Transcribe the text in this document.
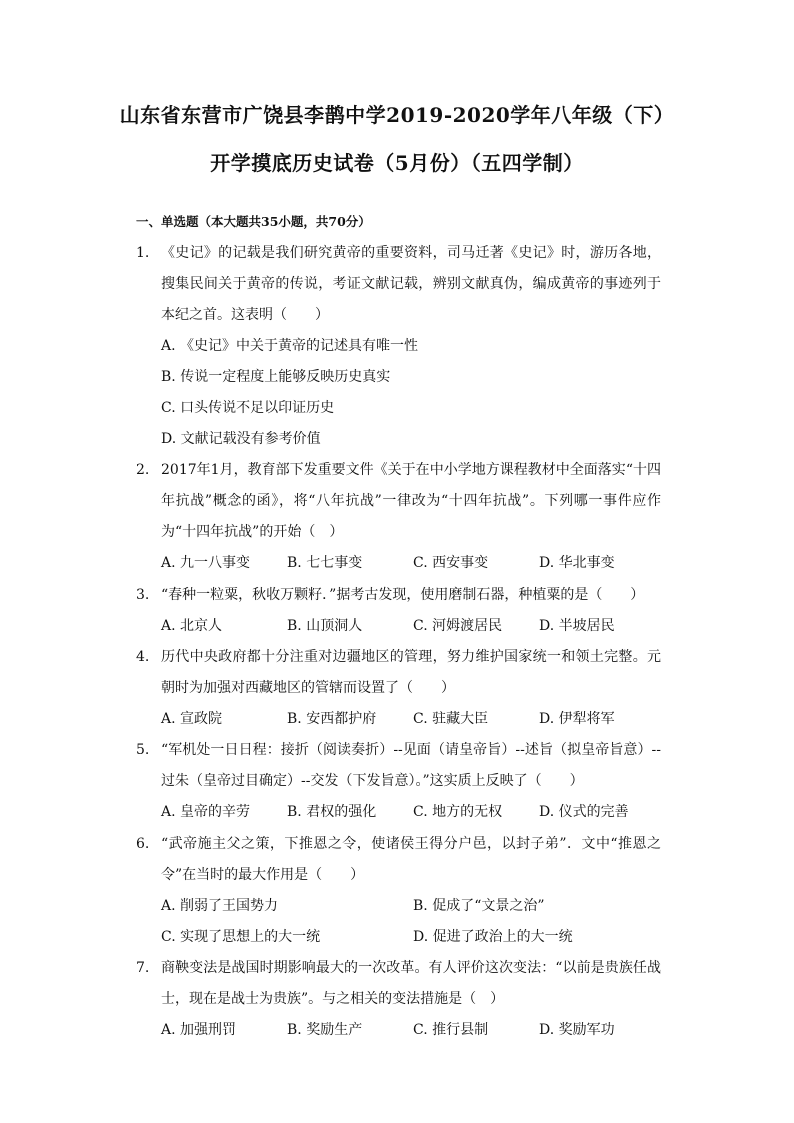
山东省东营市广饶县李鹊中学2019-2020学年八年级（下）
开学摸底历史试卷（5月份）（五四学制）
一、单选题（本大题共35小题，共70分）
1. 《史记》的记载是我们研究黄帝的重要资料，司马迁著《史记》时，游历各地，搜集民间关于黄帝的传说，考证文献记载，辨别文献真伪，编成黄帝的事迹列于本纪之首。这表明（　　）
A. 《史记》中关于黄帝的记述具有唯一性
B. 传说一定程度上能够反映历史真实
C. 口头传说不足以印证历史
D. 文献记载没有参考价值
2. 2017年1月，教育部下发重要文件《关于在中小学地方课程教材中全面落实“十四年抗战”概念的函》，将“八年抗战”一律改为“十四年抗战”。下列哪一事件应作为“十四年抗战”的开始（　）
A. 九一八事变	B. 七七事变	C. 西安事变	D. 华北事变
3. “春种一粒粟，秋收万颗籽．”据考古发现，使用磨制石器，种植粟的是（　　）
A. 北京人	B. 山顶洞人	C. 河姆渡居民	D. 半坡居民
4. 历代中央政府都十分注重对边疆地区的管理，努力维护国家统一和领土完整。元朝时为加强对西藏地区的管辖而设置了（　　）
A. 宣政院	B. 安西都护府	C. 驻藏大臣	D. 伊犁将军
5. “军机处一日日程：接折（阅读奏折）--见面（请皇帝旨）--述旨（拟皇帝旨意）--过朱（皇帝过目确定）--交发（下发旨意）。”这实质上反映了（　　）
A. 皇帝的辛劳	B. 君权的强化	C. 地方的无权	D. 仪式的完善
6. “武帝施主父之策，下推恩之令，使诸侯王得分户邑，以封子弟”．文中“推恩之令”在当时的最大作用是（　　）
A. 削弱了王国势力	B. 促成了“文景之治”
C. 实现了思想上的大一统	D. 促进了政治上的大一统
7. 商鞅变法是战国时期影响最大的一次改革。有人评价这次变法：“以前是贵族任战士，现在是战士为贵族”。与之相关的变法措施是（　）
A. 加强刑罚	B. 奖励生产	C. 推行县制	D. 奖励军功
